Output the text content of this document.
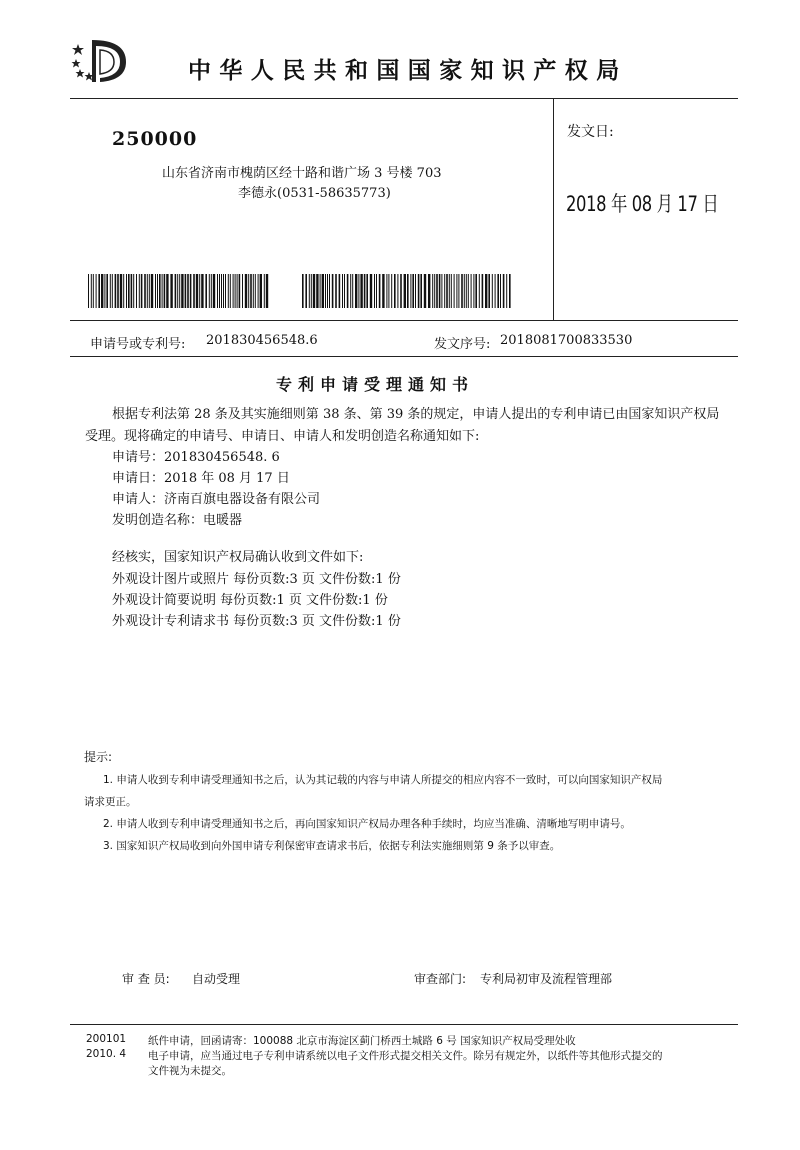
中华人民共和国国家知识产权局
250000
山东省济南市槐荫区经十路和谐广场 3 号楼 703
李德永(0531-58635773)
发文日:
2018 年 08 月 17 日
申请号或专利号: 201830456548.6	发文序号: 2018081700833530
专利申请受理通知书
根据专利法第 28 条及其实施细则第 38 条、第 39 条的规定，申请人提出的专利申请已由国家知识产权局
受理。现将确定的申请号、申请日、申请人和发明创造名称通知如下:
申请号：201830456548. 6
申请日：2018 年 08 月 17 日
申请人：济南百旗电器设备有限公司
发明创造名称：电暖器
经核实，国家知识产权局确认收到文件如下:
外观设计图片或照片 每份页数:3 页 文件份数:1 份
外观设计简要说明 每份页数:1 页 文件份数:1 份
外观设计专利请求书 每份页数:3 页 文件份数:1 份
提示:
1. 申请人收到专利申请受理通知书之后，认为其记载的内容与申请人所提交的相应内容不一致时，可以向国家知识产权局
请求更正。
2. 申请人收到专利申请受理通知书之后，再向国家知识产权局办理各种手续时，均应当准确、清晰地写明申请号。
3. 国家知识产权局收到向外国申请专利保密审查请求书后，依据专利法实施细则第 9 条予以审查。
审 查 员: 自动受理	审查部门: 专利局初审及流程管理部
200101
2010. 4
纸件申请，回函请寄：100088 北京市海淀区蓟门桥西土城路 6 号 国家知识产权局受理处收
电子申请，应当通过电子专利申请系统以电子文件形式提交相关文件。除另有规定外，以纸件等其他形式提交的
文件视为未提交。
